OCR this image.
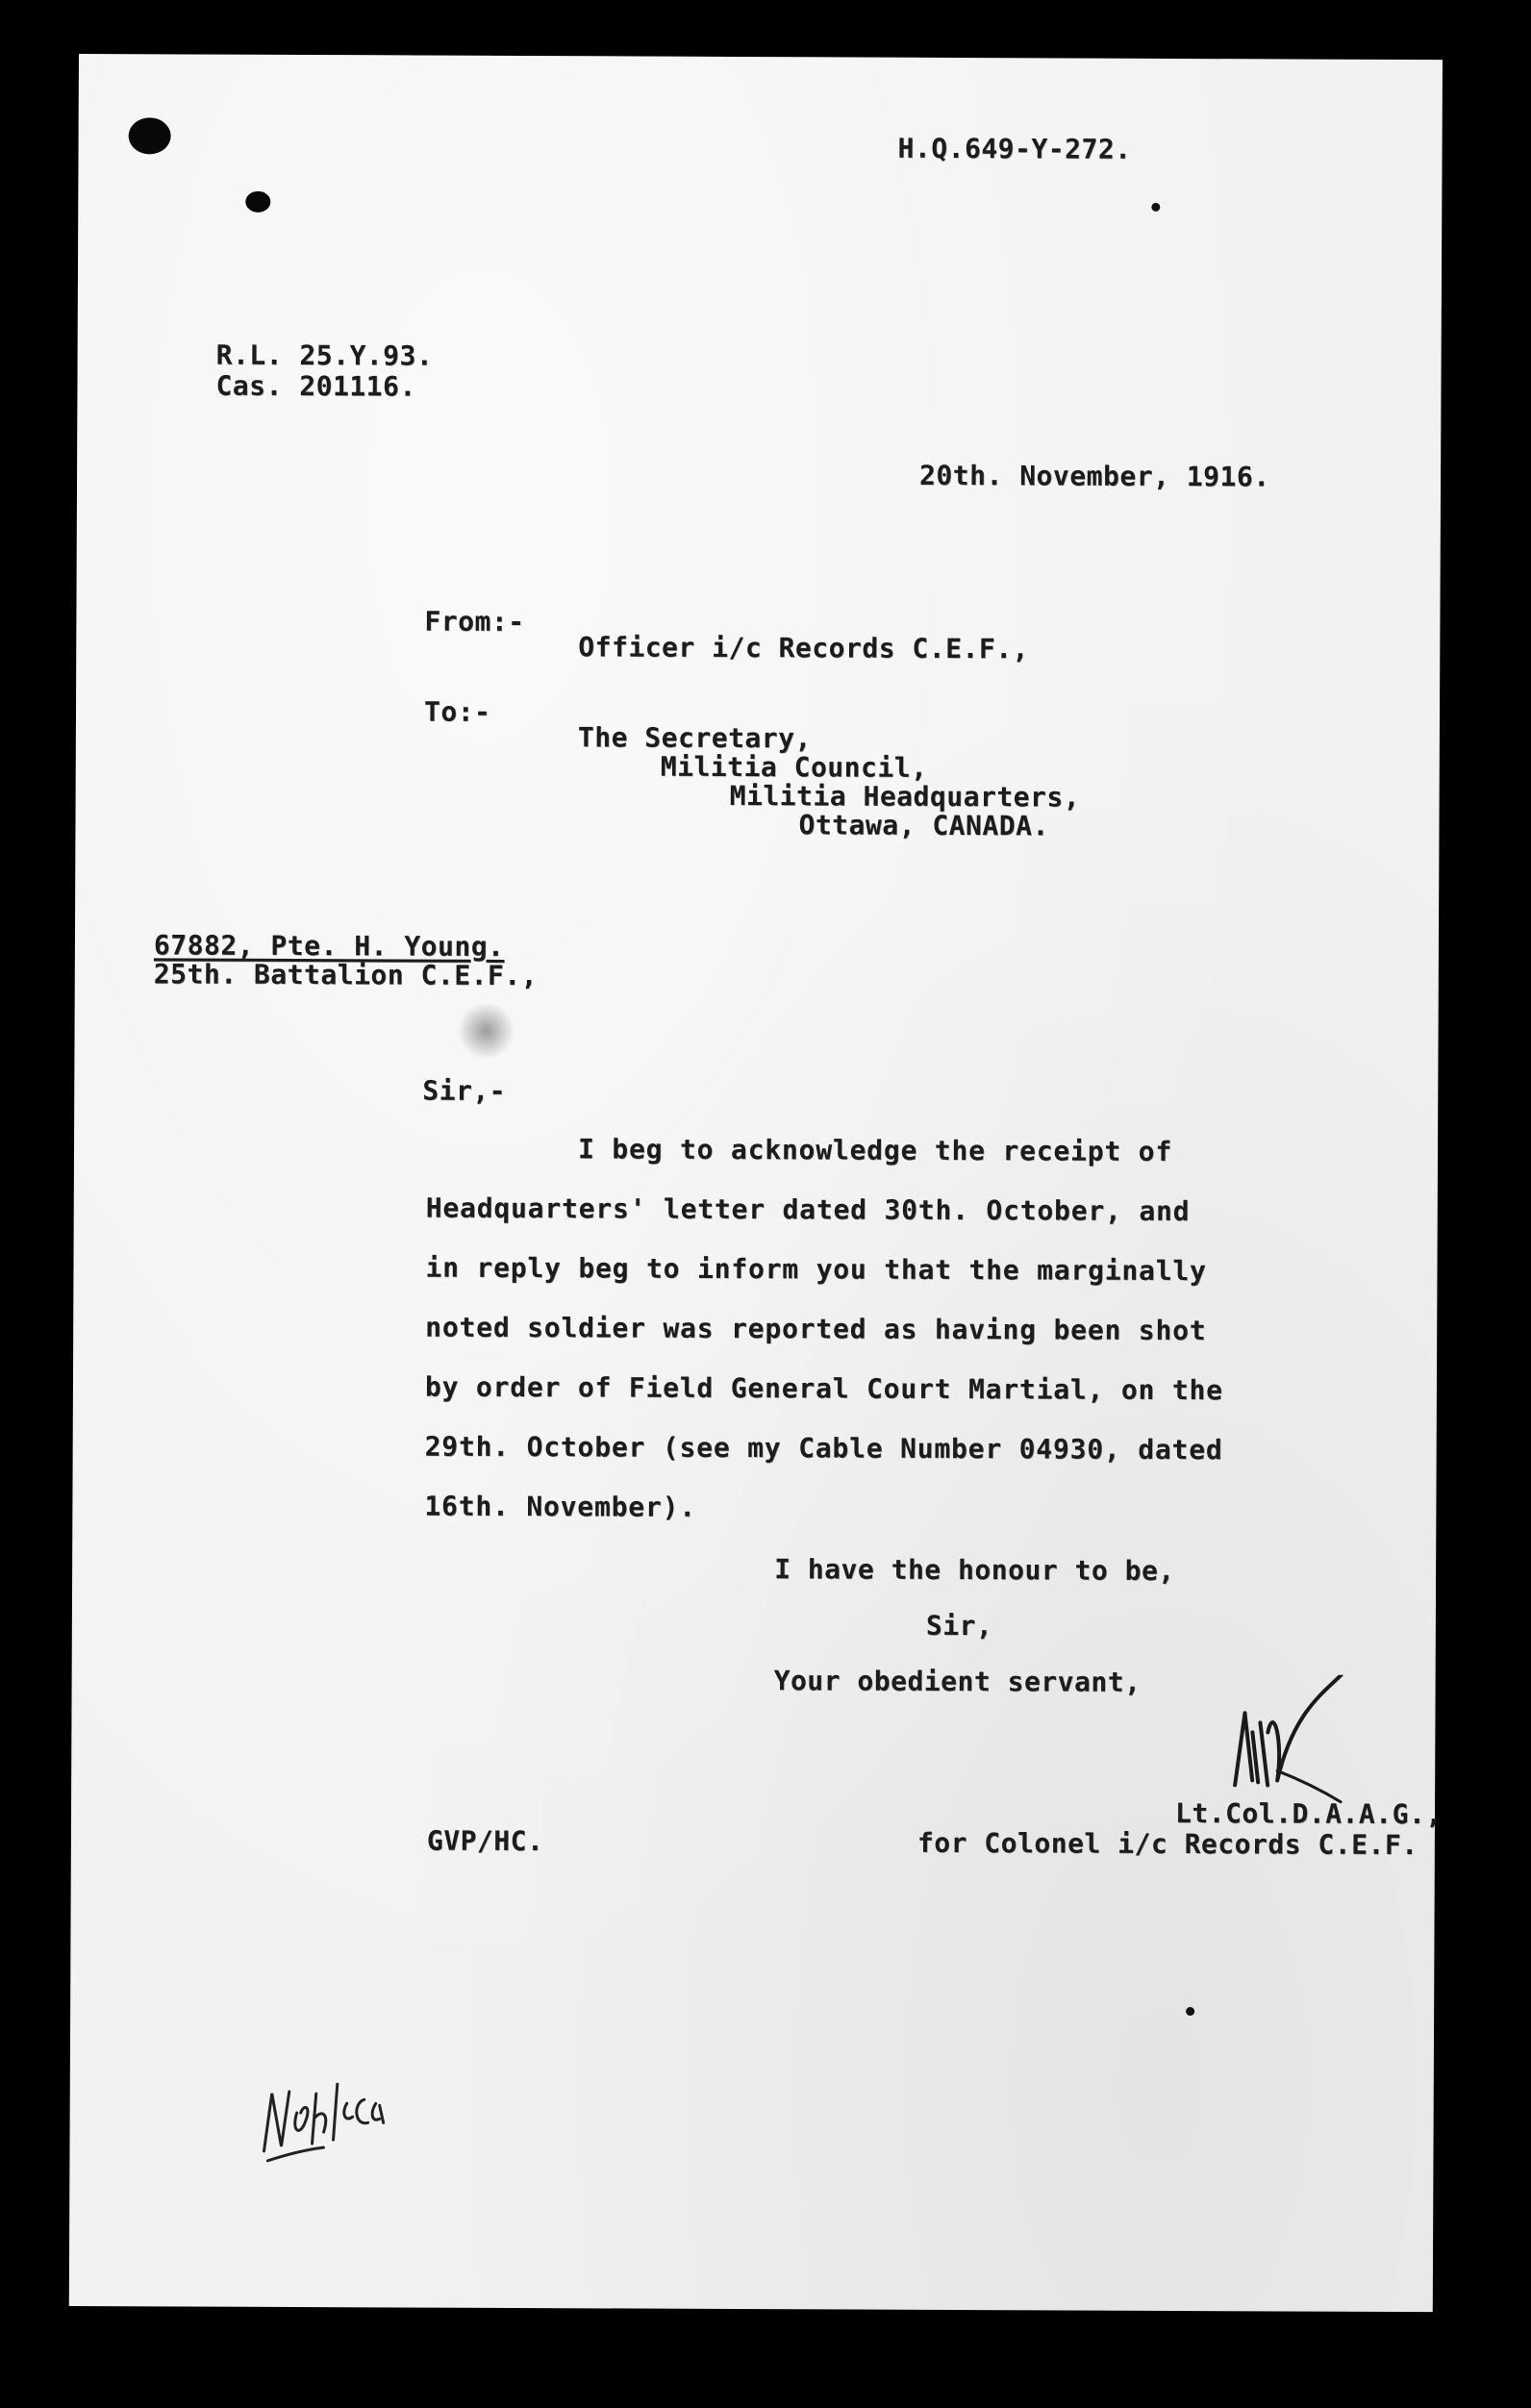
H.Q.649-Y-272.
R.L. 25.Y.93.
Cas. 201116.
20th. November, 1916.
From:-
Officer i/c Records C.E.F.,
To:-
The Secretary,
Militia Council,
Militia Headquarters,
Ottawa, CANADA.
67882, Pte. H. Young.
25th. Battalion C.E.F.,
Sir,-
I beg to acknowledge the receipt of
Headquarters' letter dated 30th. October, and
in reply beg to inform you that the marginally
noted soldier was reported as having been shot
by order of Field General Court Martial, on the
29th. October (see my Cable Number 04930, dated
16th. November).
I have the honour to be,
Sir,
Your obedient servant,
Lt.Col.D.A.A.G.,
for Colonel i/c Records C.E.F.
GVP/HC.
